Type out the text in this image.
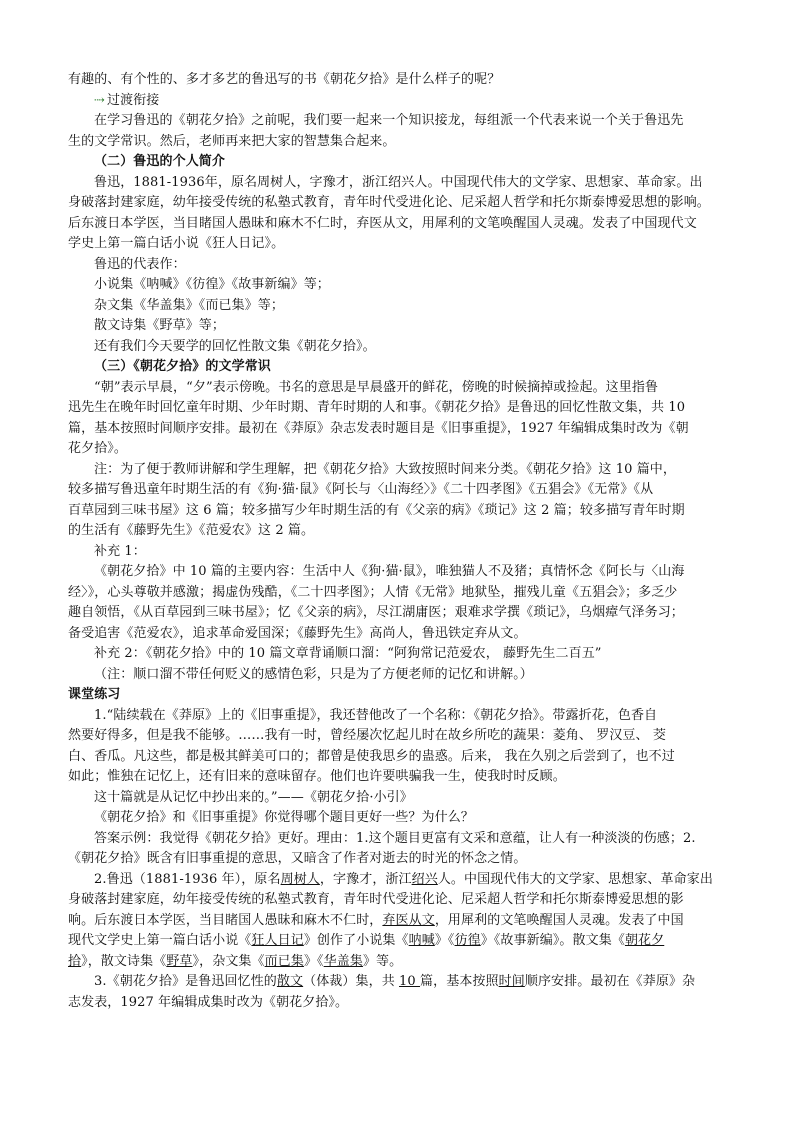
有趣的、有个性的、多才多艺的鲁迅写的书《朝花夕拾》是什么样子的呢？
⇢ 过渡衔接
在学习鲁迅的《朝花夕拾》之前呢，我们要一起来一个知识接龙，每组派一个代表来说一个关于鲁迅先
生的文学常识。然后，老师再来把大家的智慧集合起来。
（二）鲁迅的个人简介
鲁迅，1881-1936年，原名周树人，字豫才，浙江绍兴人。中国现代伟大的文学家、思想家、革命家。出
身破落封建家庭，幼年接受传统的私塾式教育，青年时代受进化论、尼采超人哲学和托尔斯泰博爱思想的影响。
后东渡日本学医，当目睹国人愚昧和麻木不仁时，弃医从文，用犀利的文笔唤醒国人灵魂。发表了中国现代文
学史上第一篇白话小说《狂人日记》。
鲁迅的代表作：
小说集《呐喊》《彷徨》《故事新编》等；
杂文集《华盖集》《而已集》等；
散文诗集《野草》等；
还有我们今天要学的回忆性散文集《朝花夕拾》。
（三）《朝花夕拾》的文学常识
“朝”表示早晨，“夕”表示傍晚。书名的意思是早晨盛开的鲜花，傍晚的时候摘掉或捡起。这里指鲁
迅先生在晚年时回忆童年时期、少年时期、青年时期的人和事。《朝花夕拾》是鲁迅的回忆性散文集，共 10
篇，基本按照时间顺序安排。最初在《莽原》杂志发表时题目是《旧事重提》，1927 年编辑成集时改为《朝
花夕拾》。
注：为了便于教师讲解和学生理解，把《朝花夕拾》大致按照时间来分类。《朝花夕拾》这 10 篇中，
较多描写鲁迅童年时期生活的有《狗·猫·鼠》《阿长与〈山海经〉》《二十四孝图》《五猖会》《无常》《从
百草园到三味书屋》这 6 篇；较多描写少年时期生活的有《父亲的病》《琐记》这 2 篇；较多描写青年时期
的生活有《藤野先生》《范爱农》这 2 篇。
补充 1：
《朝花夕拾》中 10 篇的主要内容：生活中人《狗·猫·鼠》，唯独猫人不及猪；真情怀念《阿长与〈山海
经〉》，心头尊敬并感激；揭虚伪残酷，《二十四孝图》；人情《无常》地狱坠，摧残儿童《五猖会》；多乏少
趣自领悟，《从百草园到三味书屋》；忆《父亲的病》，尽江湖庸医；艰难求学撰《琐记》，乌烟瘴气泽务习；
备受追害《范爱农》，追求革命爱国深；《藤野先生》高尚人，鲁迅铁定弃从文。
补充 2：《朝花夕拾》中的 10 篇文章背诵顺口溜：“阿狗常记范爱农， 藤野先生二百五”
（注：顺口溜不带任何贬义的感情色彩，只是为了方便老师的记忆和讲解。）
课堂练习
1.“陆续载在《莽原》上的《旧事重提》，我还替他改了一个名称：《朝花夕拾》。带露折花，色香自
然要好得多，但是我不能够。……我有一时，曾经屡次忆起儿时在故乡所吃的蔬果：菱角、 罗汉豆、 茭
白、香瓜。凡这些，都是极其鲜美可口的；都曾是使我思乡的蛊惑。后来， 我在久别之后尝到了，也不过
如此；惟独在记忆上，还有旧来的意味留存。他们也许要哄骗我一生，使我时时反顾。
这十篇就是从记忆中抄出来的。”——《朝花夕拾·小引》
《朝花夕拾》和《旧事重提》你觉得哪个题目更好一些？为什么？
答案示例：我觉得《朝花夕拾》更好。理由：1.这个题目更富有文采和意蕴，让人有一种淡淡的伤感；2.
《朝花夕拾》既含有旧事重提的意思，又暗含了作者对逝去的时光的怀念之情。
2.鲁迅（1881-1936 年），原名周树人，字豫才，浙江绍兴人。中国现代伟大的文学家、思想家、革命家出
身破落封建家庭，幼年接受传统的私塾式教育，青年时代受进化论、尼采超人哲学和托尔斯泰博爱思想的影
响。后东渡日本学医，当目睹国人愚昧和麻木不仁时，弃医从文，用犀利的文笔唤醒国人灵魂。发表了中国
现代文学史上第一篇白话小说《狂人日记》创作了小说集《呐喊》《彷徨》《故事新编》。散文集《朝花夕
拾》，散文诗集《野草》，杂文集《而已集》《华盖集》等。
3.《朝花夕拾》是鲁迅回忆性的散文（体裁）集，共 10 篇，基本按照时间顺序安排。最初在《莽原》杂
志发表，1927 年编辑成集时改为《朝花夕拾》。
